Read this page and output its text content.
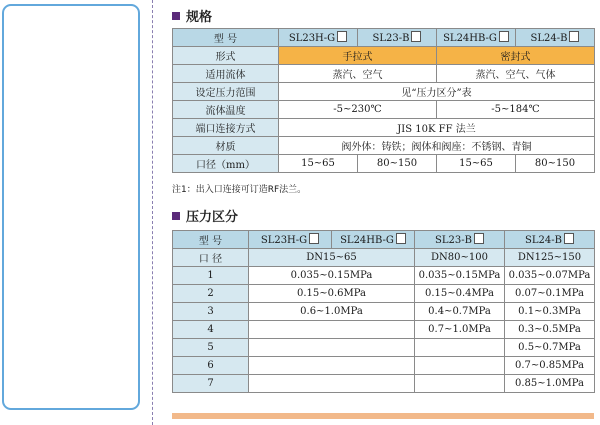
规格
型 号	SL23H-G	SL23-B	SL24HB-G	SL24-B
形式	手拉式		密封式	
适用流体	蒸汽、空气		蒸汽、空气、气体	
设定压力范围	见“压力区分”表			
流体温度	-5~230℃		-5~184℃	
端口连接方式	JIS 10K FF 法兰			
材质	阀外体：铸铁；阀体和阀座：不锈钢、青铜			
口径（mm）	15~65	80~150	15~65	80~150
注1：出入口连接可订造RF法兰。
压力区分
型 号	SL23H-G	SL24HB-G	SL23-B	SL24-B
口 径	DN15~65		DN80~100	DN125~150
1	0.035~0.15MPa		0.035~0.15MPa	0.035~0.07MPa
2	0.15~0.6MPa		0.15~0.4MPa	0.07~0.1MPa
3	0.6~1.0MPa		0.4~0.7MPa	0.1~0.3MPa
4			0.7~1.0MPa	0.3~0.5MPa
5				0.5~0.7MPa
6				0.7~0.85MPa
7				0.85~1.0MPa
